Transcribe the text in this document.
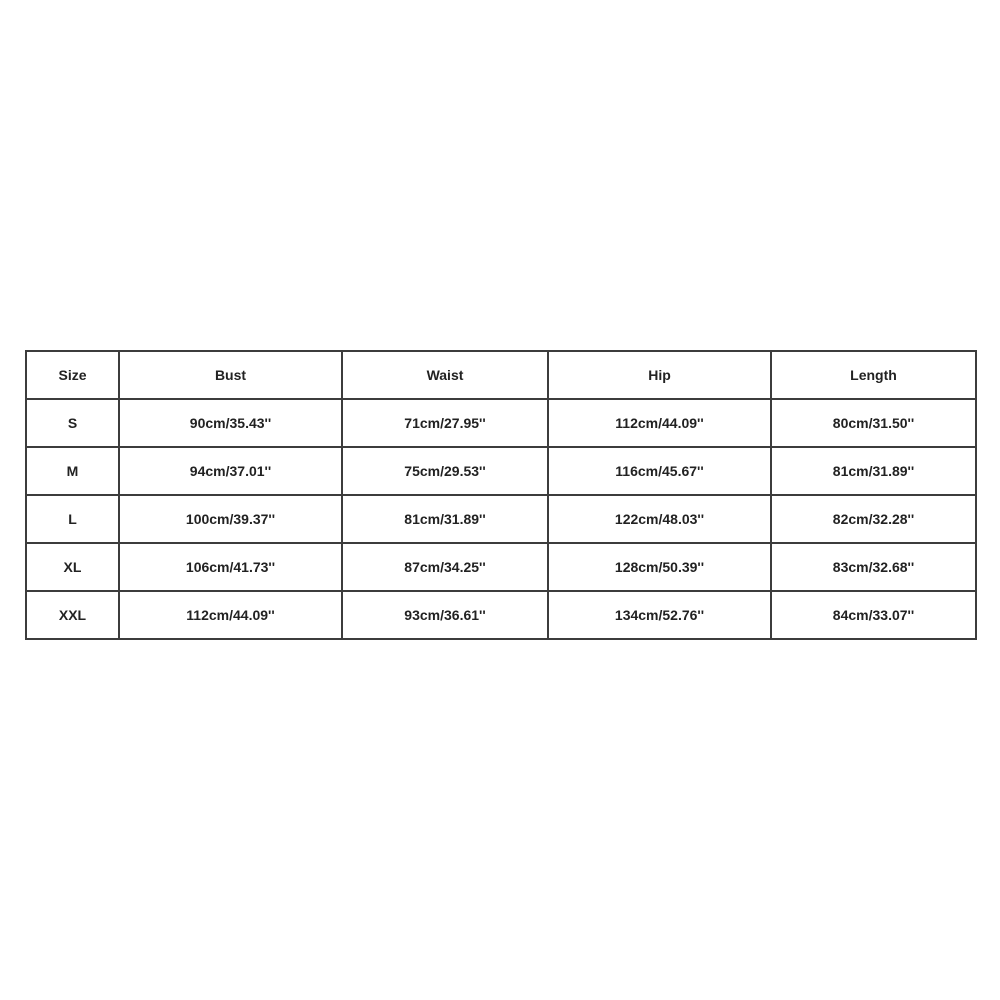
Size	Bust	Waist	Hip	Length
S	90cm/35.43''	71cm/27.95''	112cm/44.09''	80cm/31.50''
M	94cm/37.01''	75cm/29.53''	116cm/45.67''	81cm/31.89''
L	100cm/39.37''	81cm/31.89''	122cm/48.03''	82cm/32.28''
XL	106cm/41.73''	87cm/34.25''	128cm/50.39''	83cm/32.68''
XXL	112cm/44.09''	93cm/36.61''	134cm/52.76''	84cm/33.07''
